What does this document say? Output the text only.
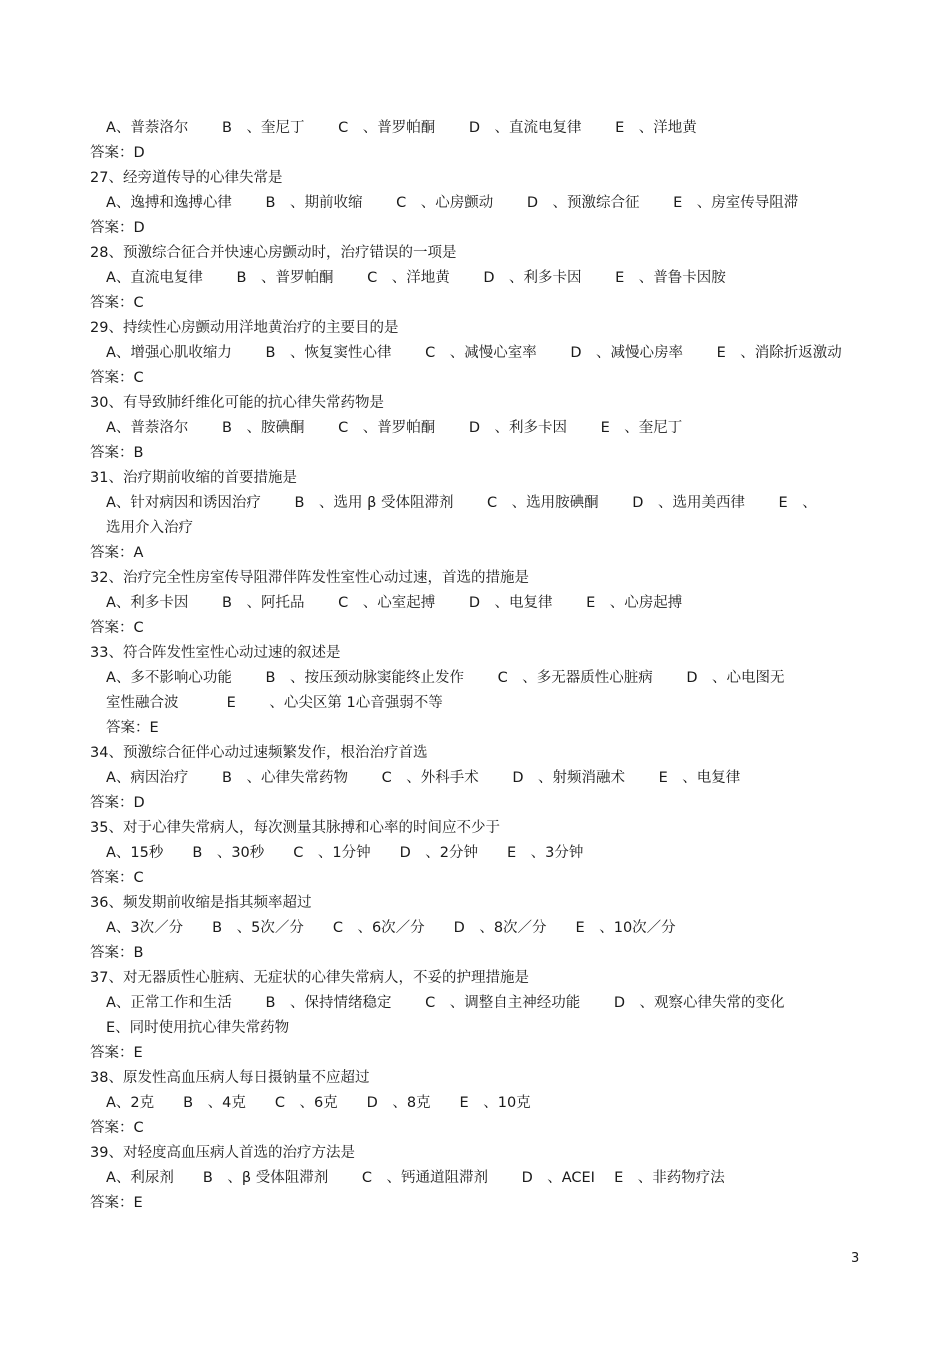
A、普萘洛尔　　 B　、奎尼丁　　 C　、普罗帕酮　　 D　、直流电复律　　 E　、洋地黄
答案：D
27、经旁道传导的心律失常是
A、逸搏和逸搏心律　　 B　、期前收缩　　 C　、心房颤动　　 D　、预激综合征　　 E　、房室传导阻滞
答案：D
28、预激综合征合并快速心房颤动时，治疗错误的一项是
A、直流电复律　　 B　、普罗帕酮　　 C　、洋地黄　　 D　、利多卡因　　 E　、普鲁卡因胺
答案：C
29、持续性心房颤动用洋地黄治疗的主要目的是
A、增强心肌收缩力　　 B　、恢复窦性心律　　 C　、减慢心室率　　 D　、减慢心房率　　 E　、消除折返激动
答案：C
30、有导致肺纤维化可能的抗心律失常药物是
A、普萘洛尔　　 B　、胺碘酮　　 C　、普罗帕酮　　 D　、利多卡因　　 E　、奎尼丁
答案：B
31、治疗期前收缩的首要措施是
A、针对病因和诱因治疗　　 B　、选用 β 受体阻滞剂　　 C　、选用胺碘酮　　 D　、选用美西律　　 E　、
选用介入治疗
答案：A
32、治疗完全性房室传导阻滞伴阵发性室性心动过速，首选的措施是
A、利多卡因　　 B　、阿托品　　 C　、心室起搏　　 D　、电复律　　 E　、心房起搏
答案：C
33、符合阵发性室性心动过速的叙述是
A、多不影响心功能　　 B　、按压颈动脉窦能终止发作　　 C　、多无器质性心脏病　　 D　、心电图无
室性融合波　　　 E　　 、心尖区第 1心音强弱不等
答案：E
34、预激综合征伴心动过速频繁发作，根治治疗首选
A、病因治疗　　 B　、心律失常药物　　 C　、外科手术　　 D　、射频消融术　　 E　、电复律
答案：D
35、对于心律失常病人，每次测量其脉搏和心率的时间应不少于
A、15秒　　B　、30秒　　C　、1分钟　　D　、2分钟　　E　、3分钟
答案：C
36、频发期前收缩是指其频率超过
A、3次／分　　B　、5次／分　　C　、6次／分　　D　、8次／分　　E　、10次／分
答案：B
37、对无器质性心脏病、无症状的心律失常病人，不妥的护理措施是
A、正常工作和生活　　 B　、保持情绪稳定　　 C　、调整自主神经功能　　 D　、观察心律失常的变化
E、同时使用抗心律失常药物
答案：E
38、原发性高血压病人每日摄钠量不应超过
A、2克　　B　、4克　　C　、6克　　D　、8克　　E　、10克
答案：C
39、对轻度高血压病人首选的治疗方法是
A、利尿剂　　B　、β 受体阻滞剂　　 C　、钙通道阻滞剂　　 D　、ACEI　 E　、非药物疗法
答案：E
3
